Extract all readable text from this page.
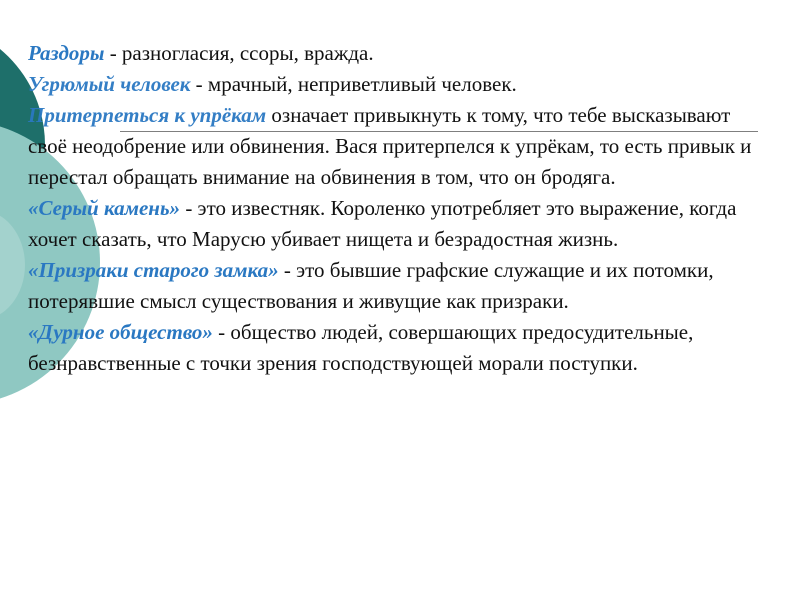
Раздоры - разногласия, ссоры, вражда.

Угрюмый человек - мрачный, неприветливый человек.

Притерпеться к упрёкам означает привыкнуть к тому, что тебе высказывают своё неодобрение или обвинения. Вася притерпелся к упрёкам, то есть привык и перестал обращать внимание на обвинения в том, что он бродяга.

«Серый камень» - это известняк. Короленко употребляет это выражение, когда хочет сказать, что Марусю убивает нищета и безрадостная жизнь.

«Призраки старого замка» - это бывшие графские служащие и их потомки, потерявшие смысл существования и живущие как призраки.

«Дурное общество» - общество людей, совершающих предосудительные, безнравственные с точки зрения господствующей морали поступки.
